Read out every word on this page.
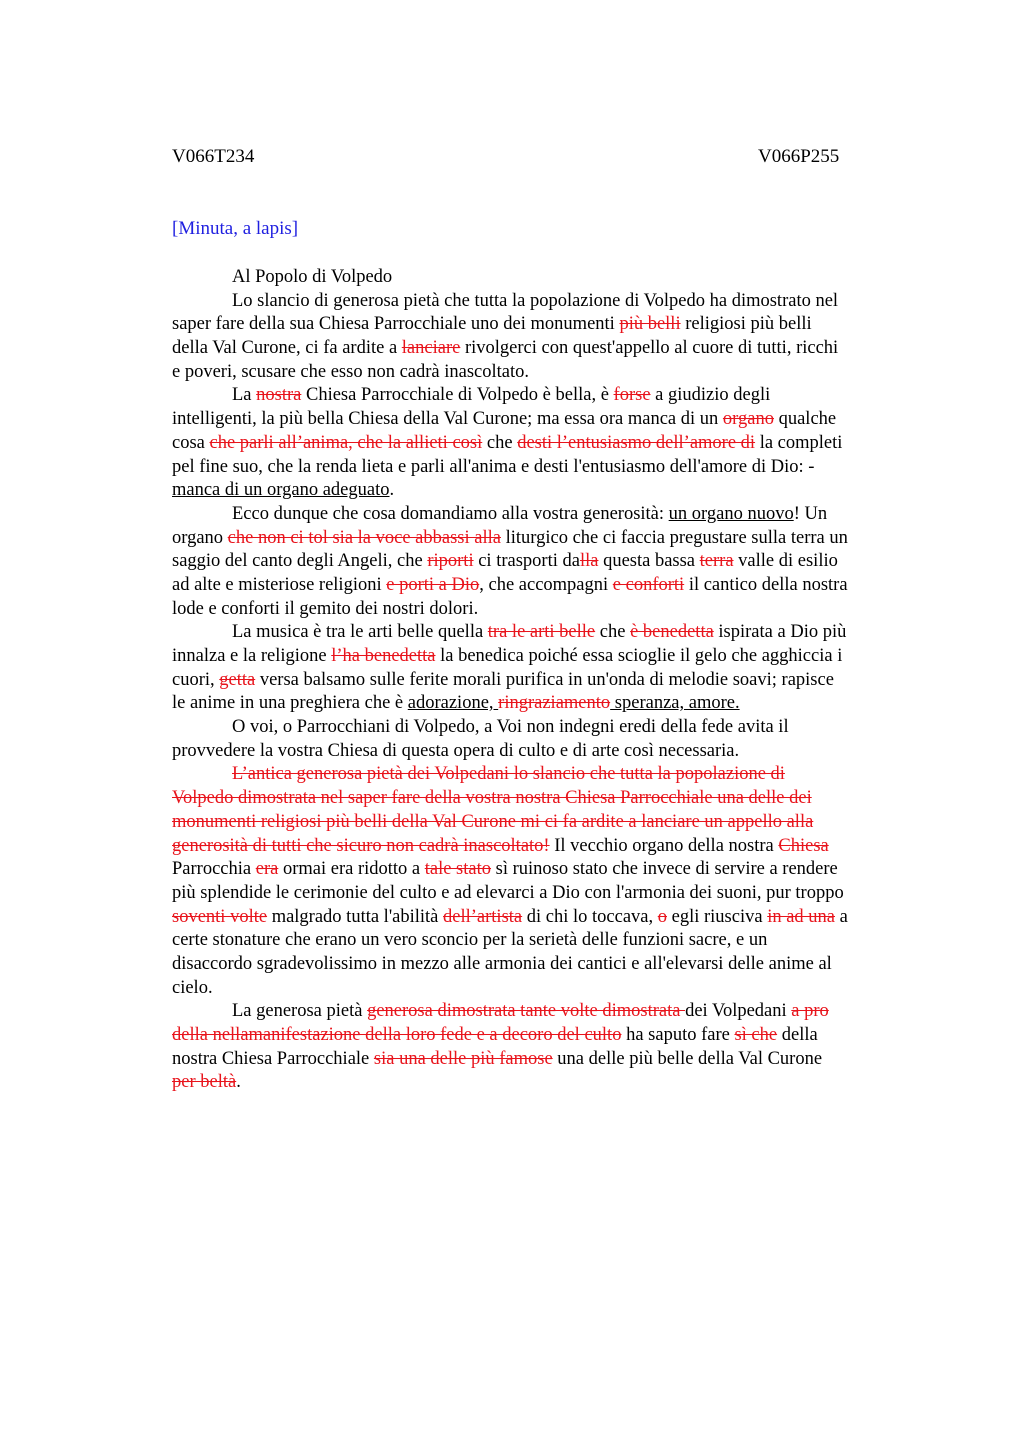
V066T234	V066P255
[Minuta, a lapis]
Al Popolo di Volpedo
Lo slancio di generosa pietà che tutta la popolazione di Volpedo ha dimostrato nel
saper fare della sua Chiesa Parrocchiale uno dei monumenti più belli religiosi più belli
della Val Curone, ci fa ardite a lanciare rivolgerci con quest'appello al cuore di tutti, ricchi
e poveri, scusare che esso non cadrà inascoltato.
La nostra Chiesa Parrocchiale di Volpedo è bella, è forse a giudizio degli
intelligenti, la più bella Chiesa della Val Curone; ma essa ora manca di un organo qualche
cosa che parli all’anima, che la allieti così che desti l’entusiasmo dell’amore di la completi
pel fine suo, che la renda lieta e parli all'anima e desti l'entusiasmo dell'amore di Dio: -
manca di un organo adeguato.
Ecco dunque che cosa domandiamo alla vostra generosità: un organo nuovo! Un
organo che non ci tol sia la voce abbassi alla liturgico che ci faccia pregustare sulla terra un
saggio del canto degli Angeli, che riporti ci trasporti dalla questa bassa terra valle di esilio
ad alte e misteriose religioni e porti a Dio, che accompagni e conforti il cantico della nostra
lode e conforti il gemito dei nostri dolori.
La musica è tra le arti belle quella tra le arti belle che è benedetta ispirata a Dio più
innalza e la religione l’ha benedetta la benedica poiché essa scioglie il gelo che agghiccia i
cuori, getta versa balsamo sulle ferite morali purifica in un'onda di melodie soavi; rapisce
le anime in una preghiera che è adorazione, ringraziamento speranza, amore.
O voi, o Parrocchiani di Volpedo, a Voi non indegni eredi della fede avita il
provvedere la vostra Chiesa di questa opera di culto e di arte così necessaria.
L’antica generosa pietà dei Volpedani lo slancio che tutta la popolazione di
Volpedo dimostrata nel saper fare della vostra nostra Chiesa Parrocchiale una delle dei
monumenti religiosi più belli della Val Curone mi ci fa ardite a lanciare un appello alla
generosità di tutti che sicuro non cadrà inascoltato! Il vecchio organo della nostra Chiesa
Parrocchia era ormai era ridotto a tale stato sì ruinoso stato che invece di servire a rendere
più splendide le cerimonie del culto e ad elevarci a Dio con l'armonia dei suoni, pur troppo
soventi volte malgrado tutta l'abilità dell’artista di chi lo toccava, o egli riusciva in ad una a
certe stonature che erano un vero sconcio per la serietà delle funzioni sacre, e un
disaccordo sgradevolissimo in mezzo alle armonia dei cantici e all'elevarsi delle anime al
cielo.
La generosa pietà generosa dimostrata tante volte dimostrata dei Volpedani a pro
della nellamanifestazione della loro fede e a decoro del culto ha saputo fare sì che della
nostra Chiesa Parrocchiale sia una delle più famose una delle più belle della Val Curone
per beltà.
